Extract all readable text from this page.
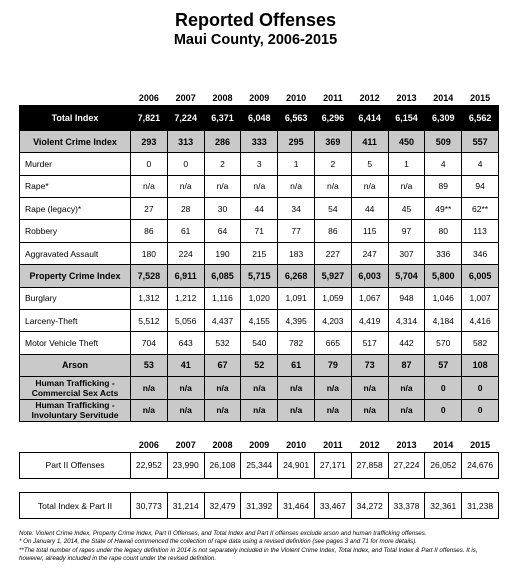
Reported Offenses
Maui County, 2006-2015
	2006	2007	2008	2009	2010	2011	2012	2013	2014	2015
Total Index	7,821	7,224	6,371	6,048	6,563	6,296	6,414	6,154	6,309	6,562
Violent Crime Index	293	313	286	333	295	369	411	450	509	557
Murder	0	0	2	3	1	2	5	1	4	4
Rape*	n/a	n/a	n/a	n/a	n/a	n/a	n/a	n/a	89	94
Rape (legacy)*	27	28	30	44	34	54	44	45	49**	62**
Robbery	86	61	64	71	77	86	115	97	80	113
Aggravated Assault	180	224	190	215	183	227	247	307	336	346
Property Crime Index	7,528	6,911	6,085	5,715	6,268	5,927	6,003	5,704	5,800	6,005
Burglary	1,312	1,212	1,116	1,020	1,091	1,059	1,067	948	1,046	1,007
Larceny-Theft	5,512	5,056	4,437	4,155	4,395	4,203	4,419	4,314	4,184	4,416
Motor Vehicle Theft	704	643	532	540	782	665	517	442	570	582
Arson	53	41	67	52	61	79	73	87	57	108
Human Trafficking - Commercial Sex Acts	n/a	n/a	n/a	n/a	n/a	n/a	n/a	n/a	0	0
Human Trafficking - Involuntary Servitude	n/a	n/a	n/a	n/a	n/a	n/a	n/a	n/a	0	0
	2006	2007	2008	2009	2010	2011	2012	2013	2014	2015
Part II Offenses	22,952	23,990	26,108	25,344	24,901	27,171	27,858	27,224	26,052	24,676
Total Index & Part II	30,773	31,214	32,479	31,392	31,464	33,467	34,272	33,378	32,361	31,238
Note: Violent Crime Index, Property Crime Index, Part II Offenses, and Total Index and Part II offenses exclude arson and human trafficking offenses.
* On January 1, 2014, the State of Hawaii commenced the collection of rape data using a revised definition (see pages 3 and 71 for more details).
**The total number of rapes under the legacy definition in 2014 is not separately included in the Violent Crime Index, Total Index, and Total Index & Part II offenses. It is, however, already included in the rape count under the revised definition.
